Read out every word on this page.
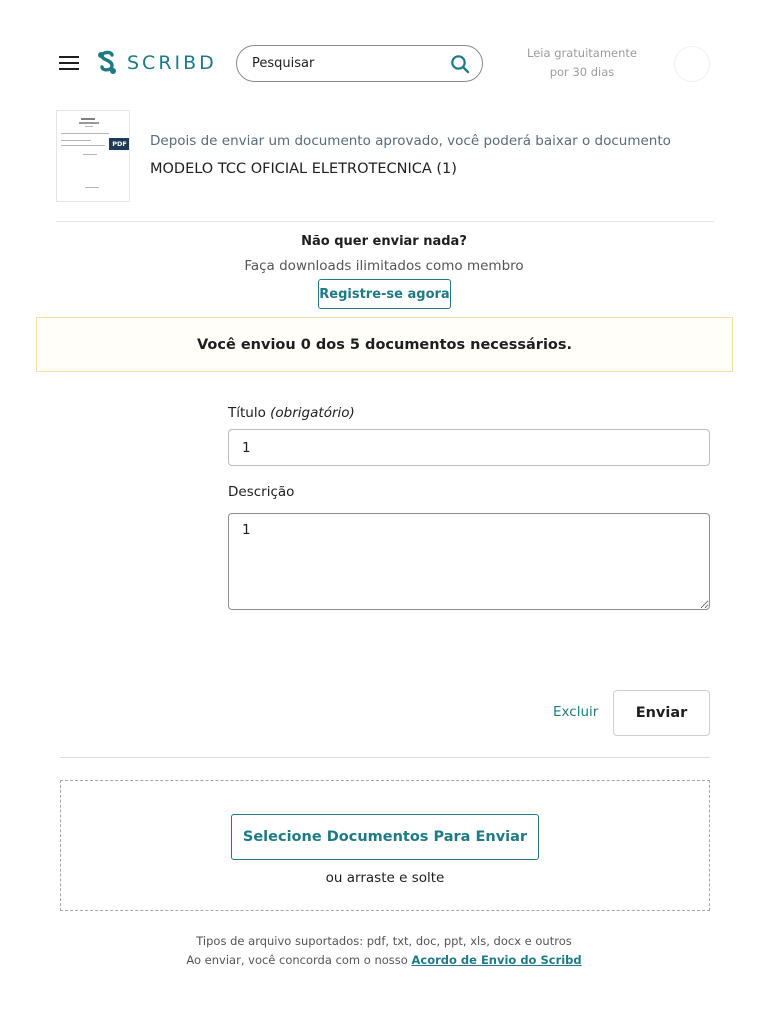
SCRIBD
Pesquisar	Leia gratuitamente
por 30 dias
PDF Depois de enviar um documento aprovado, você poderá baixar o documento
MODELO TCC OFICIAL ELETROTECNICA (1)
Não quer enviar nada?
Faça downloads ilimitados como membro
Registre-se agora
Você enviou 0 dos 5 documentos necessários.
Título (obrigatório)
1
Descrição
1
Excluir	Enviar
Selecione Documentos Para Enviar
ou arraste e solte
Tipos de arquivo suportados: pdf, txt, doc, ppt, xls, docx e outros
Ao enviar, você concorda com o nosso Acordo de Envio do Scribd
